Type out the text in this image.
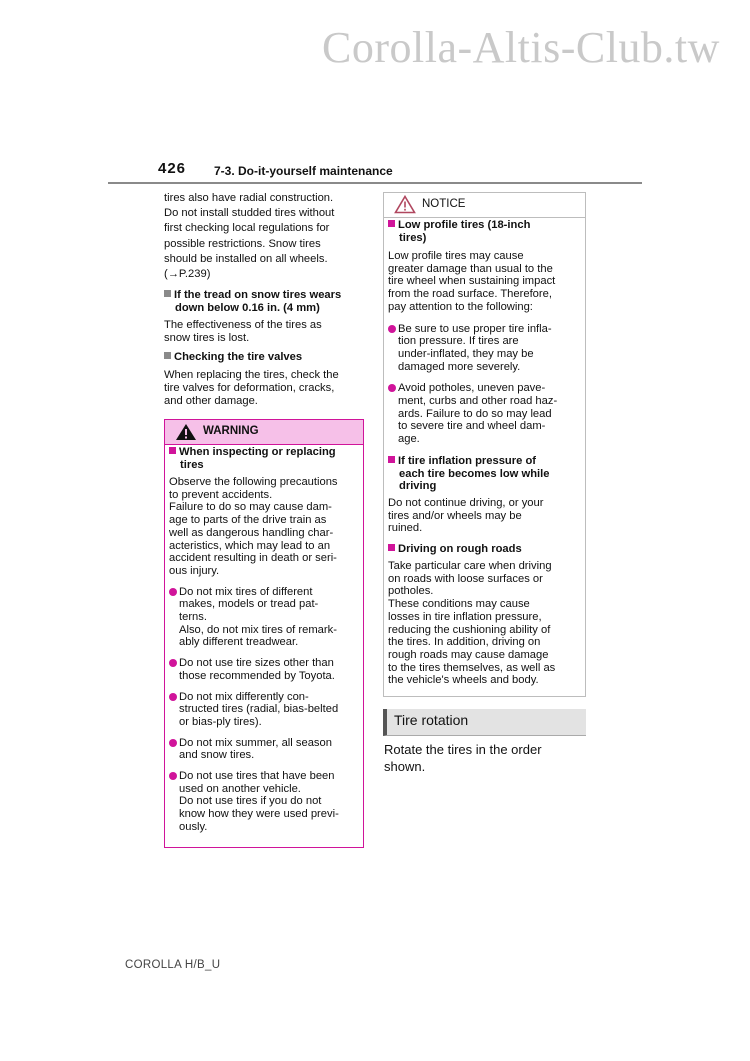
Corolla-Altis-Club.tw
426 7-3. Do-it-yourself maintenance

tires also have radial construction.
Do not install studded tires without
first checking local regulations for
possible restrictions. Snow tires
should be installed on all wheels.
(→P.239)

If the tread on snow tires wears
down below 0.16 in. (4 mm)

The effectiveness of the tires as
snow tires is lost.

Checking the tire valves

When replacing the tires, check the
tire valves for deformation, cracks,
and other damage.

WARNING

When inspecting or replacing
tires

Observe the following precautions
to prevent accidents.
Failure to do so may cause dam-
age to parts of the drive train as
well as dangerous handling char-
acteristics, which may lead to an
accident resulting in death or seri-
ous injury.

Do not mix tires of different
makes, models or tread pat-
terns.
Also, do not mix tires of remark-
ably different treadwear.
Do not use tire sizes other than
those recommended by Toyota.
Do not mix differently con-
structed tires (radial, bias-belted
or bias-ply tires).
Do not mix summer, all season
and snow tires.
Do not use tires that have been
used on another vehicle.
Do not use tires if you do not
know how they were used previ-
ously.
NOTICE

Low profile tires (18-inch
tires)

Low profile tires may cause
greater damage than usual to the
tire wheel when sustaining impact
from the road surface. Therefore,
pay attention to the following:

Be sure to use proper tire infla-
tion pressure. If tires are
under-inflated, they may be
damaged more severely.
Avoid potholes, uneven pave-
ment, curbs and other road haz-
ards. Failure to do so may lead
to severe tire and wheel dam-
age.

If tire inflation pressure of
each tire becomes low while
driving

Do not continue driving, or your
tires and/or wheels may be
ruined.

Driving on rough roads

Take particular care when driving
on roads with loose surfaces or
potholes.
These conditions may cause
losses in tire inflation pressure,
reducing the cushioning ability of
the tires. In addition, driving on
rough roads may cause damage
to the tires themselves, as well as
the vehicle's wheels and body.

Tire rotation

Rotate the tires in the order
shown.

COROLLA H/B_U
